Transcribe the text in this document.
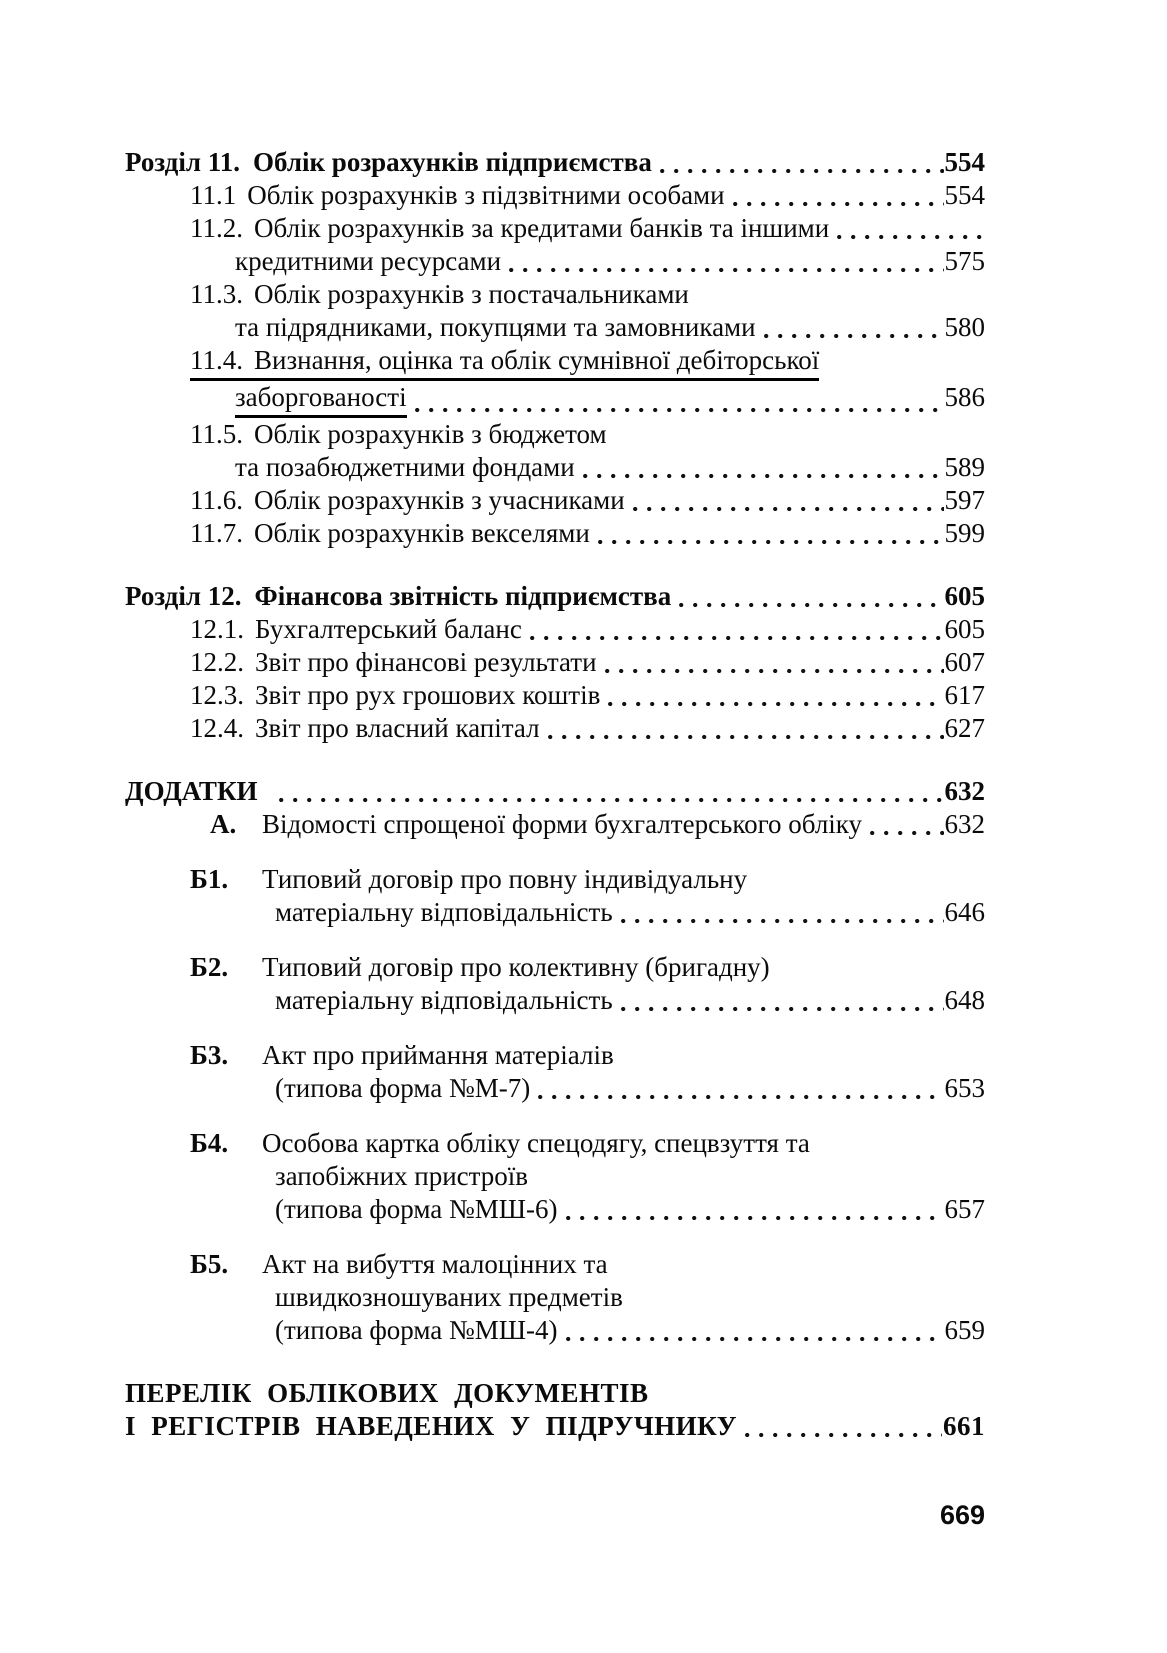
Розділ 11. Облік розрахунків підприємства	554
11.1 Облік розрахунків з підзвітними особами	554
11.2. Облік розрахунків за кредитами банків та іншими
кредитними ресурсами	575
11.3. Облік розрахунків з постачальниками
та підрядниками, покупцями та замовниками	580
11.4. Визнання, оцінка та облік сумнівної дебіторської
заборгованості	586
11.5. Облік розрахунків з бюджетом
та позабюджетними фондами	589
11.6. Облік розрахунків з учасниками	597
11.7. Облік розрахунків векселями	599
Розділ 12. Фінансова звітність підприємства	605
12.1. Бухгалтерський баланс	605
12.2. Звіт про фінансові результати	607
12.3. Звіт про рух грошових коштів	617
12.4. Звіт про власний капітал	627
ДОДАТКИ	632
А. Відомості спрощеної форми бухгалтерського обліку	632
Б1. Типовий договір про повну індивідуальну
матеріальну відповідальність	646
Б2. Типовий договір про колективну (бригадну)
матеріальну відповідальність	648
Б3. Акт про приймання матеріалів
(типова форма №М-7)	653
Б4. Особова картка обліку спецодягу, спецвзуття та
запобіжних пристроїв
(типова форма №МШ-6)	657
Б5. Акт на вибуття малоцінних та
швидкозношуваних предметів
(типова форма №МШ-4)	659
ПЕРЕЛІК ОБЛІКОВИХ ДОКУМЕНТІВ
І РЕГІСТРІВ НАВЕДЕНИХ У ПІДРУЧНИКУ	661
669
